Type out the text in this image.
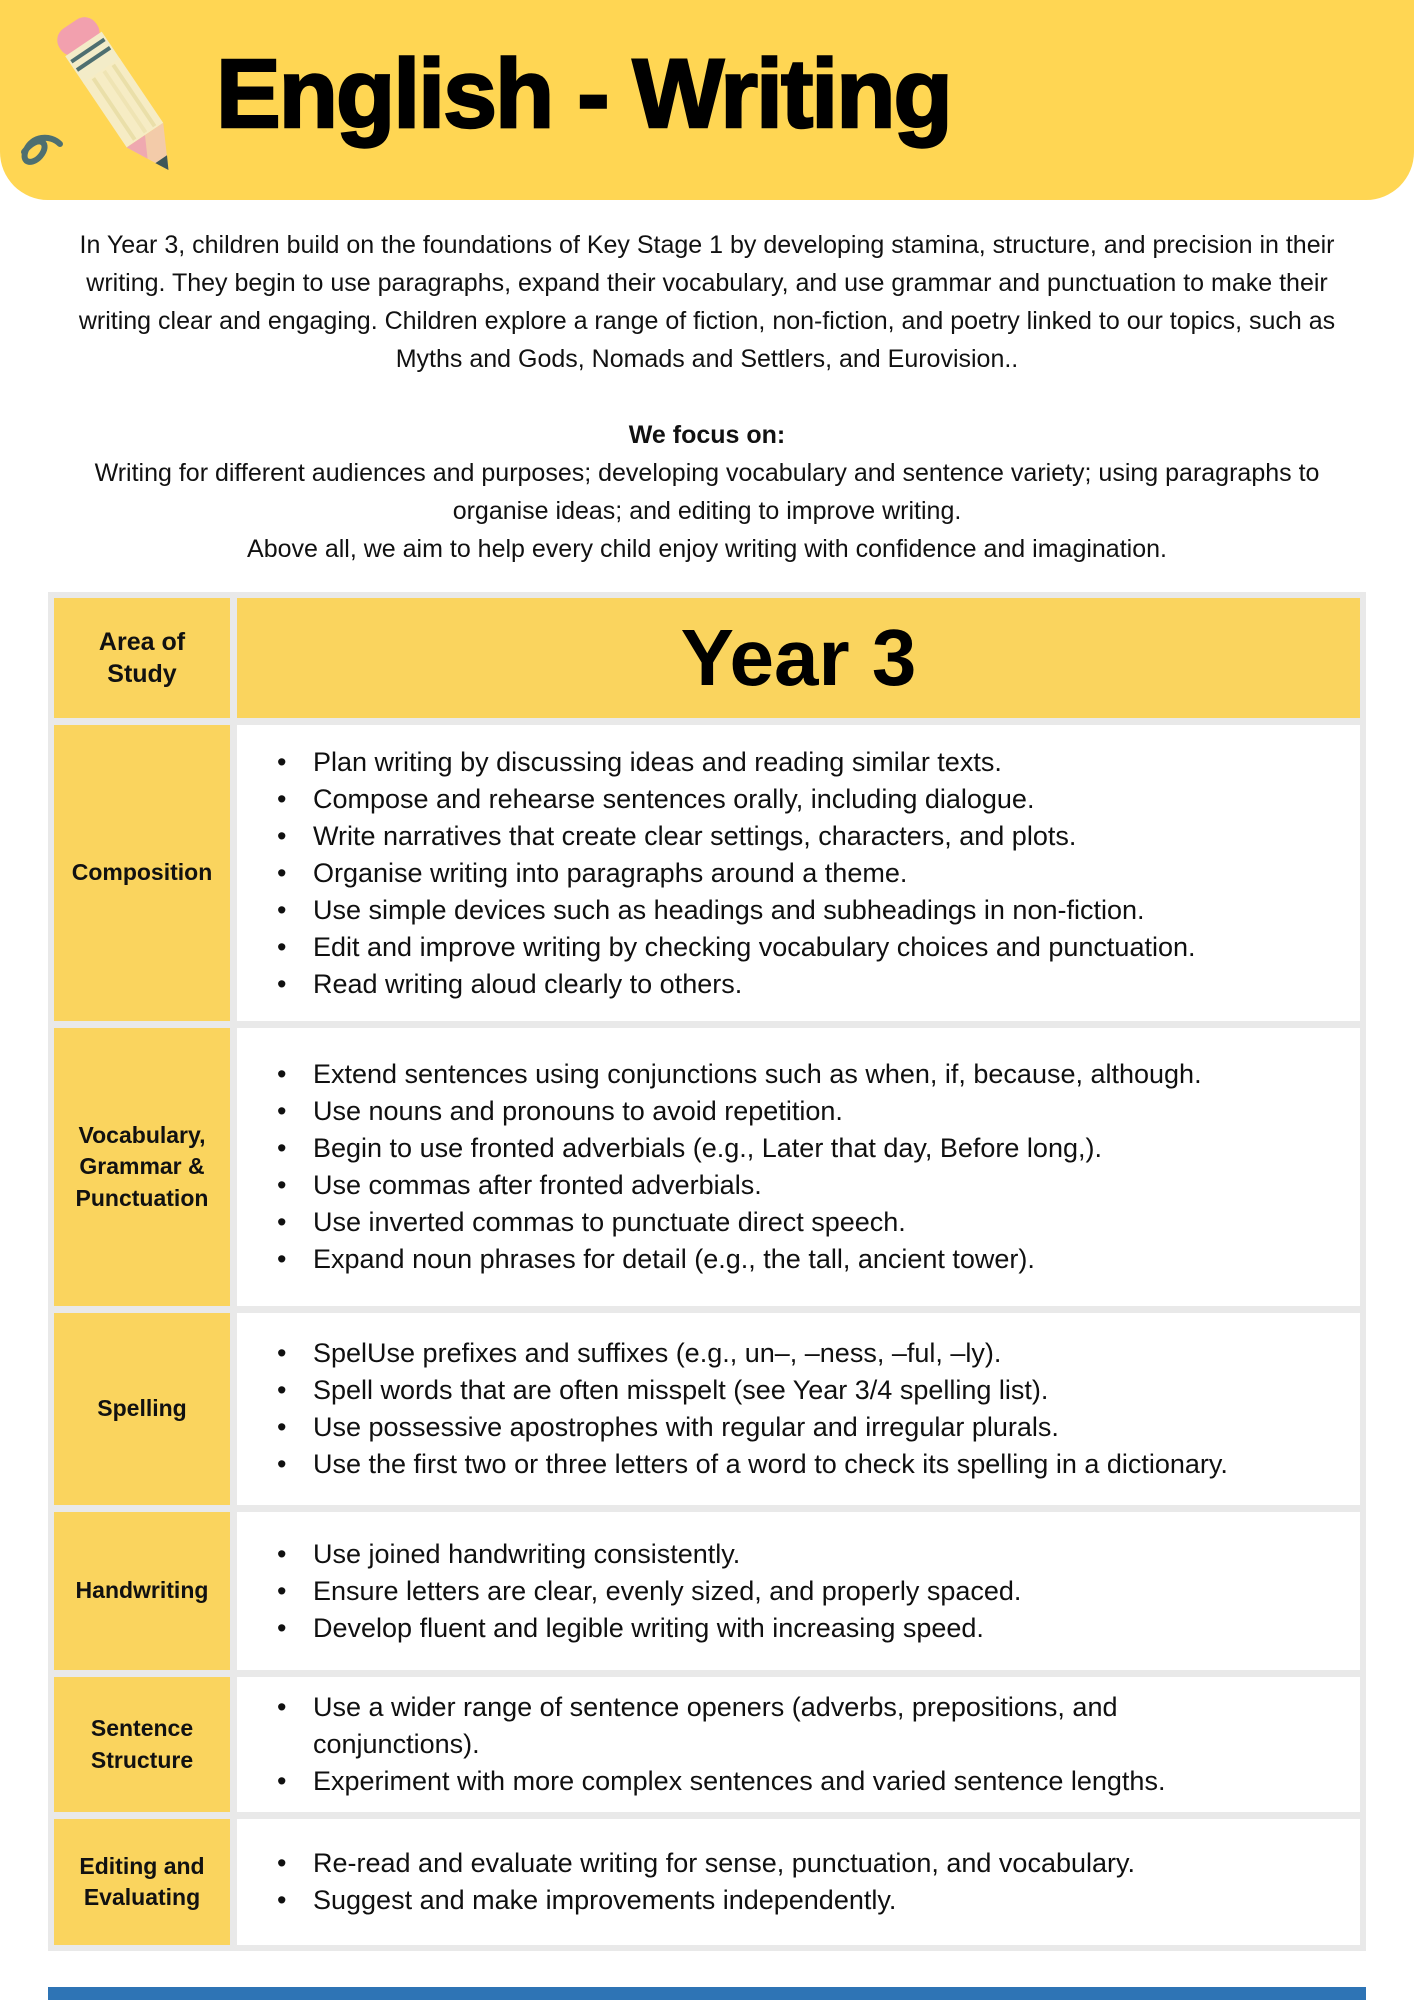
English - Writing

In Year 3, children build on the foundations of Key Stage 1 by developing stamina, structure, and precision in their writing. They begin to use paragraphs, expand their vocabulary, and use grammar and punctuation to make their writing clear and engaging. Children explore a range of fiction, non-fiction, and poetry linked to our topics, such as Myths and Gods, Nomads and Settlers, and Eurovision..

We focus on:

Writing for different audiences and purposes; developing vocabulary and sentence variety; using paragraphs to organise ideas; and editing to improve writing.

Above all, we aim to help every child enjoy writing with confidence and imagination.

Area of Study	Year 3
Composition
• Plan writing by discussing ideas and reading similar texts.
• Compose and rehearse sentences orally, including dialogue.
• Write narratives that create clear settings, characters, and plots.
• Organise writing into paragraphs around a theme.
• Use simple devices such as headings and subheadings in non-fiction.
• Edit and improve writing by checking vocabulary choices and punctuation.
• Read writing aloud clearly to others.
Vocabulary, Grammar & Punctuation
• Extend sentences using conjunctions such as when, if, because, although.
• Use nouns and pronouns to avoid repetition.
• Begin to use fronted adverbials (e.g., Later that day, Before long,).
• Use commas after fronted adverbials.
• Use inverted commas to punctuate direct speech.
• Expand noun phrases for detail (e.g., the tall, ancient tower).
Spelling
• SpelUse prefixes and suffixes (e.g., un–, –ness, –ful, –ly).
• Spell words that are often misspelt (see Year 3/4 spelling list).
• Use possessive apostrophes with regular and irregular plurals.
• Use the first two or three letters of a word to check its spelling in a dictionary.
Handwriting
• Use joined handwriting consistently.
• Ensure letters are clear, evenly sized, and properly spaced.
• Develop fluent and legible writing with increasing speed.
Sentence Structure
• Use a wider range of sentence openers (adverbs, prepositions, and conjunctions).
• Experiment with more complex sentences and varied sentence lengths.
Editing and Evaluating
• Re-read and evaluate writing for sense, punctuation, and vocabulary.
• Suggest and make improvements independently.
